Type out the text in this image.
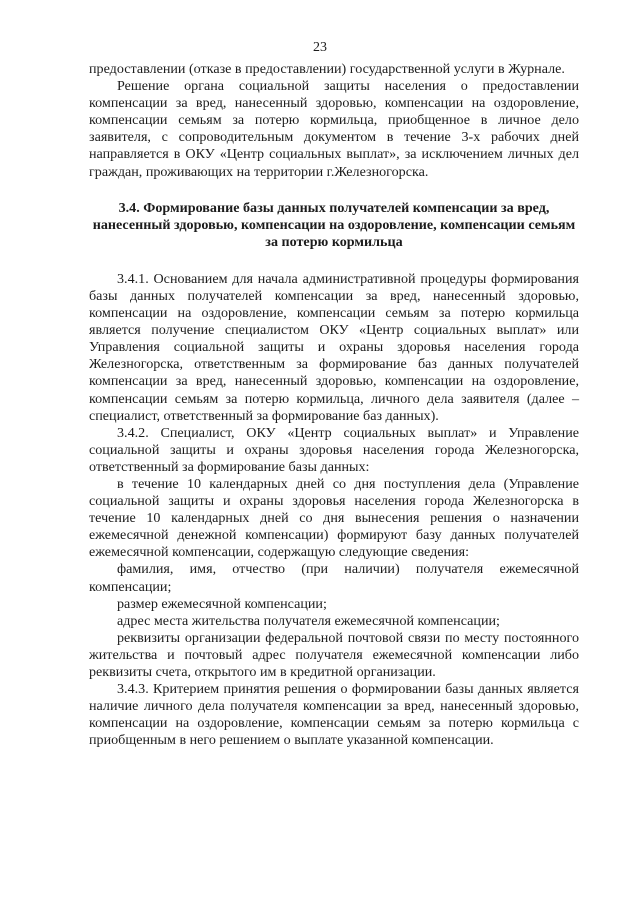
23

предоставлении (отказе в предоставлении) государственной услуги в Журнале.

Решение органа социальной защиты населения о предоставлении компенсации за вред, нанесенный здоровью, компенсации на оздоровление, компенсации семьям за потерю кормильца, приобщенное в личное дело заявителя, с сопроводительным документом в течение 3-х рабочих дней направляется в ОКУ «Центр социальных выплат», за исключением личных дел граждан, проживающих на территории г.Железногорска.

3.4. Формирование базы данных получателей компенсации за вред, нанесенный здоровью, компенсации на оздоровление, компенсации семьям за потерю кормильца

3.4.1. Основанием для начала административной процедуры формирования базы данных получателей компенсации за вред, нанесенный здоровью, компенсации на оздоровление, компенсации семьям за потерю кормильца является получение специалистом ОКУ «Центр социальных выплат» или Управления социальной защиты и охраны здоровья населения города Железногорска, ответственным за формирование баз данных получателей компенсации за вред, нанесенный здоровью, компенсации на оздоровление, компенсации семьям за потерю кормильца, личного дела заявителя (далее – специалист, ответственный за формирование баз данных).

3.4.2. Специалист, ОКУ «Центр социальных выплат» и Управление социальной защиты и охраны здоровья населения города Железногорска, ответственный за формирование базы данных:

в течение 10 календарных дней со дня поступления дела (Управление социальной защиты и охраны здоровья населения города Железногорска в течение 10 календарных дней со дня вынесения решения о назначении ежемесячной денежной компенсации) формируют базу данных получателей ежемесячной компенсации, содержащую следующие сведения:

фамилия, имя, отчество (при наличии) получателя ежемесячной компенсации;

размер ежемесячной компенсации;

адрес места жительства получателя ежемесячной компенсации;

реквизиты организации федеральной почтовой связи по месту постоянного жительства и почтовый адрес получателя ежемесячной компенсации либо реквизиты счета, открытого им в кредитной организации.

3.4.3. Критерием принятия решения о формировании базы данных является наличие личного дела получателя компенсации за вред, нанесенный здоровью, компенсации на оздоровление, компенсации семьям за потерю кормильца с приобщенным в него решением о выплате указанной компенсации.
